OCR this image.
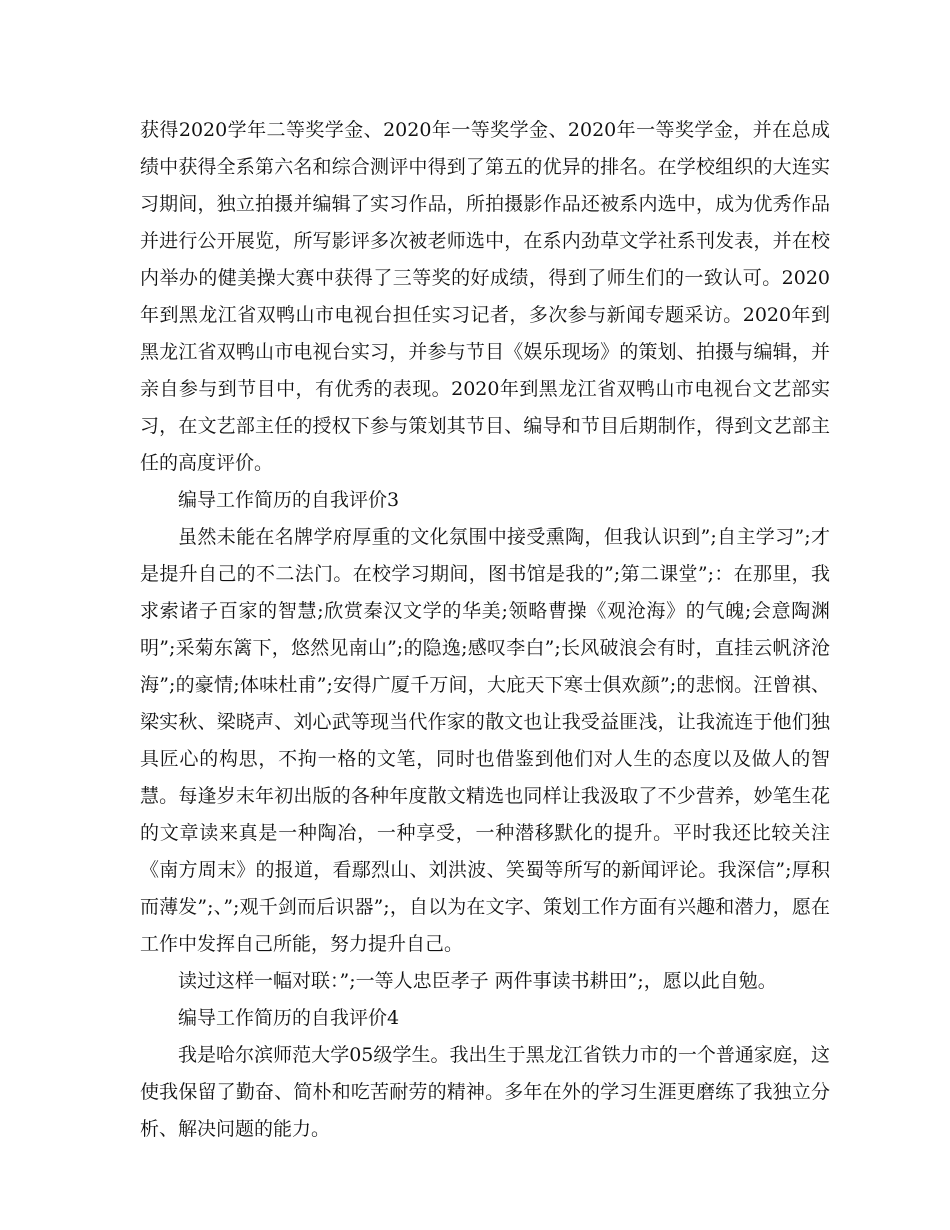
获得2020学年二等奖学金、2020年一等奖学金、2020年一等奖学金，并在总成绩中获得全系第六名和综合测评中得到了第五的优异的排名。在学校组织的大连实习期间，独立拍摄并编辑了实习作品，所拍摄影作品还被系内选中，成为优秀作品并进行公开展览，所写影评多次被老师选中，在系内劲草文学社系刊发表，并在校内举办的健美操大赛中获得了三等奖的好成绩，得到了师生们的一致认可。2020年到黑龙江省双鸭山市电视台担任实习记者，多次参与新闻专题采访。2020年到黑龙江省双鸭山市电视台实习，并参与节目《娱乐现场》的策划、拍摄与编辑，并亲自参与到节目中，有优秀的表现。2020年到黑龙江省双鸭山市电视台文艺部实习，在文艺部主任的授权下参与策划其节目、编导和节目后期制作，得到文艺部主任的高度评价。

编导工作简历的自我评价3

虽然未能在名牌学府厚重的文化氛围中接受熏陶，但我认识到”;自主学习”;才是提升自己的不二法门。在校学习期间，图书馆是我的”;第二课堂”;：在那里，我求索诸子百家的智慧;欣赏秦汉文学的华美;领略曹操《观沧海》的气魄;会意陶渊明”;采菊东篱下，悠然见南山”;的隐逸;感叹李白”;长风破浪会有时，直挂云帆济沧海”;的豪情;体味杜甫”;安得广厦千万间，大庇天下寒士俱欢颜”;的悲悯。汪曾祺、梁实秋、梁晓声、刘心武等现当代作家的散文也让我受益匪浅，让我流连于他们独具匠心的构思，不拘一格的文笔，同时也借鉴到他们对人生的态度以及做人的智慧。每逢岁末年初出版的各种年度散文精选也同样让我汲取了不少营养，妙笔生花的文章读来真是一种陶冶，一种享受，一种潜移默化的提升。平时我还比较关注《南方周末》的报道，看鄢烈山、刘洪波、笑蜀等所写的新闻评论。我深信”;厚积而薄发”;、”;观千剑而后识器”;，自以为在文字、策划工作方面有兴趣和潜力，愿在工作中发挥自己所能，努力提升自己。

读过这样一幅对联：”;一等人忠臣孝子 两件事读书耕田”;，愿以此自勉。

编导工作简历的自我评价4

我是哈尔滨师范大学05级学生。我出生于黑龙江省铁力市的一个普通家庭，这使我保留了勤奋、简朴和吃苦耐劳的精神。多年在外的学习生涯更磨练了我独立分析、解决问题的能力。
